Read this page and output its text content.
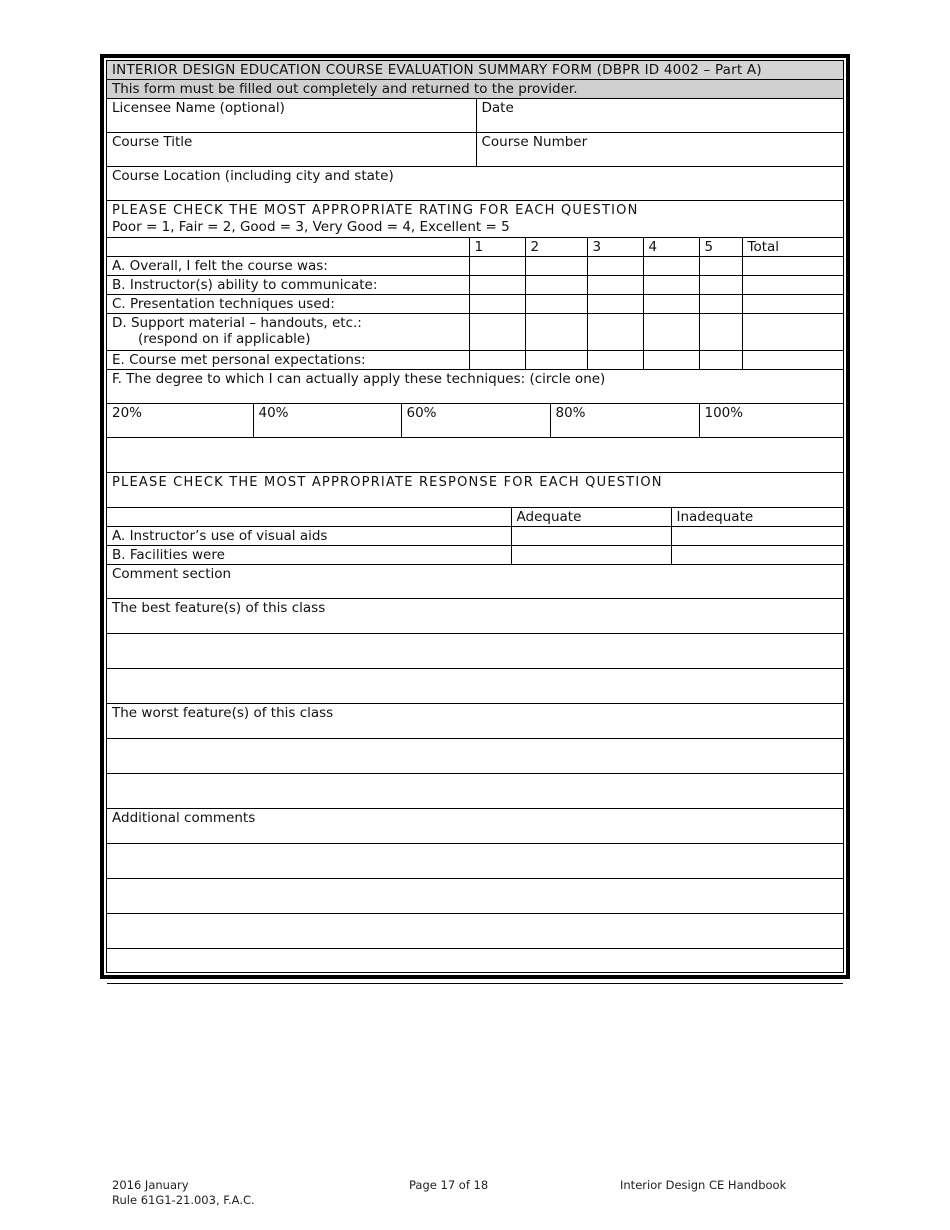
INTERIOR DESIGN EDUCATION COURSE EVALUATION SUMMARY FORM (DBPR ID 4002 – Part A)
This form must be filled out completely and returned to the provider.
Licensee Name (optional)	Date
Course Title	Course Number
Course Location (including city and state)	
PLEASE CHECK THE MOST APPROPRIATE RATING FOR EACH QUESTION
Poor = 1, Fair = 2, Good = 3, Very Good = 4, Excellent = 5	
	1	2	3	4	5	Total
A. Overall, I felt the course was:						
B. Instructor(s) ability to communicate:						
C. Presentation techniques used:						
D. Support material – handouts, etc.:
(respond on if applicable)						

E. Course met personal expectations:						
F. The degree to which I can actually apply these techniques: (circle one)						
20%	40%	60%	80%	100%

PLEASE CHECK THE MOST APPROPRIATE RESPONSE FOR EACH QUESTION
	Adequate	Inadequate
A. Instructor’s use of visual aids		
B. Facilities were		
Comment section
The best feature(s) of this class

The worst feature(s) of this class

Additional comments

2016 January
Rule 61G1-21.003, F.A.C.
Page 17 of 18	Interior Design CE Handbook
